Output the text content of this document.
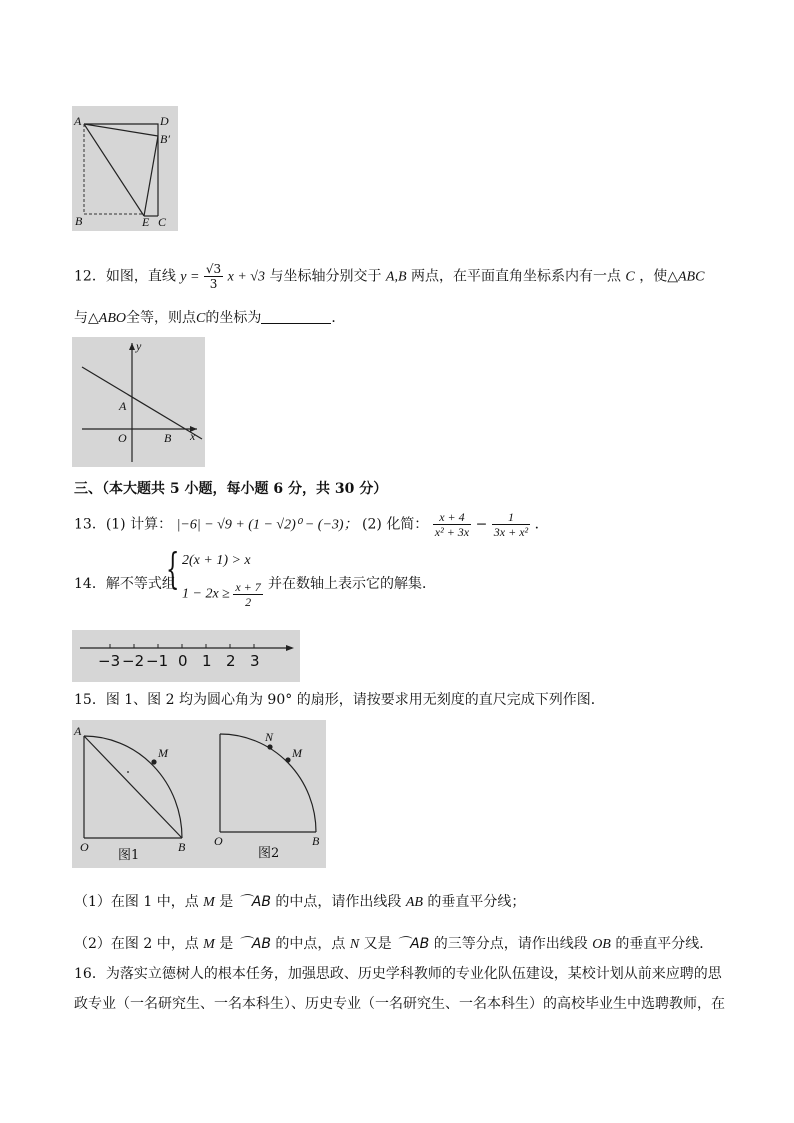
A	D
B′
B	E C
12．如图，直线 $y = \frac{√3}{3}$ x + √3 与坐标轴分别交于 A,B 两点，在平面直角坐标系内有一点 C ，使△ABC
与△ABO全等，则点C的坐标为	．
y
x
A
O	B
三、（本大题共 5 小题，每小题 6 分，共 30 分）
13．(1) 计算： |−6| − √9 + (1 − √2)⁰ − (−3)； (2) 化简： $\frac{x + 4}{\text{x² + 3x}} - \frac{1}{\text{3x + x²}}$ ．
14．解不等式组
{ 2(x + 1) > x
$1 - 2x \ge \frac{x + 7}{2}$ 并在数轴上表示它的解集．
−3 −2 −1 0 1 2 3
15．图 1、图 2 均为圆心角为 90° 的扇形，请按要求用无刻度的直尺完成下列作图．
A
M
O	B
图1
N
M
O	B
图2
（1）在图 1 中，点 M 是 ⌒AB 的中点，请作出线段 AB 的垂直平分线；
（2）在图 2 中，点 M 是 ⌒AB 的中点，点 N 又是 ⌒AB 的三等分点，请作出线段 OB 的垂直平分线．
16．为落实立德树人的根本任务，加强思政、历史学科教师的专业化队伍建设，某校计划从前来应聘的思
政专业（一名研究生、一名本科生）、历史专业（一名研究生、一名本科生）的高校毕业生中选聘教师，在
